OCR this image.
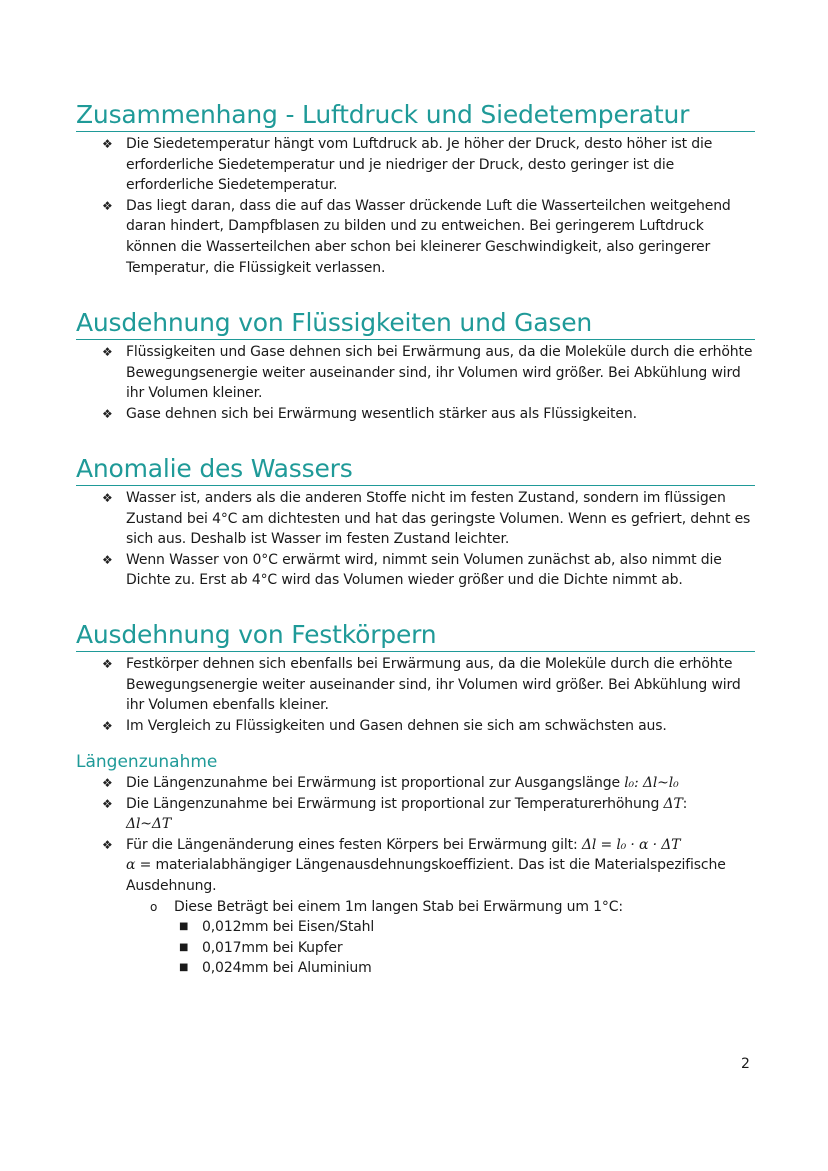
Zusammenhang - Luftdruck und Siedetemperatur
❖ Die Siedetemperatur hängt vom Luftdruck ab. Je höher der Druck, desto höher ist die erforderliche Siedetemperatur und je niedriger der Druck, desto geringer ist die erforderliche Siedetemperatur.
❖ Das liegt daran, dass die auf das Wasser drückende Luft die Wasserteilchen weitgehend daran hindert, Dampfblasen zu bilden und zu entweichen. Bei geringerem Luftdruck können die Wasserteilchen aber schon bei kleinerer Geschwindigkeit, also geringerer Temperatur, die Flüssigkeit verlassen.
Ausdehnung von Flüssigkeiten und Gasen
❖ Flüssigkeiten und Gase dehnen sich bei Erwärmung aus, da die Moleküle durch die erhöhte Bewegungsenergie weiter auseinander sind, ihr Volumen wird größer. Bei Abkühlung wird ihr Volumen kleiner.
❖ Gase dehnen sich bei Erwärmung wesentlich stärker aus als Flüssigkeiten.
Anomalie des Wassers
❖ Wasser ist, anders als die anderen Stoffe nicht im festen Zustand, sondern im flüssigen Zustand bei 4°C am dichtesten und hat das geringste Volumen. Wenn es gefriert, dehnt es sich aus. Deshalb ist Wasser im festen Zustand leichter.
❖ Wenn Wasser von 0°C erwärmt wird, nimmt sein Volumen zunächst ab, also nimmt die Dichte zu. Erst ab 4°C wird das Volumen wieder größer und die Dichte nimmt ab.
Ausdehnung von Festkörpern
❖ Festkörper dehnen sich ebenfalls bei Erwärmung aus, da die Moleküle durch die erhöhte Bewegungsenergie weiter auseinander sind, ihr Volumen wird größer. Bei Abkühlung wird ihr Volumen ebenfalls kleiner.
❖ Im Vergleich zu Flüssigkeiten und Gasen dehnen sie sich am schwächsten aus.
Längenzunahme
❖ Die Längenzunahme bei Erwärmung ist proportional zur Ausgangslänge l₀: Δl~l₀
❖ Die Längenzunahme bei Erwärmung ist proportional zur Temperaturerhöhung ΔT:
Δl~ΔT
❖ Für die Längenänderung eines festen Körpers bei Erwärmung gilt: Δl = l₀ · α · ΔT
α = materialabhängiger Längenausdehnungskoeffizient. Das ist die Materialspezifische Ausdehnung.
o Diese Beträgt bei einem 1m langen Stab bei Erwärmung um 1°C:
■ 0,012mm bei Eisen/Stahl
■ 0,017mm bei Kupfer
■ 0,024mm bei Aluminium
2
